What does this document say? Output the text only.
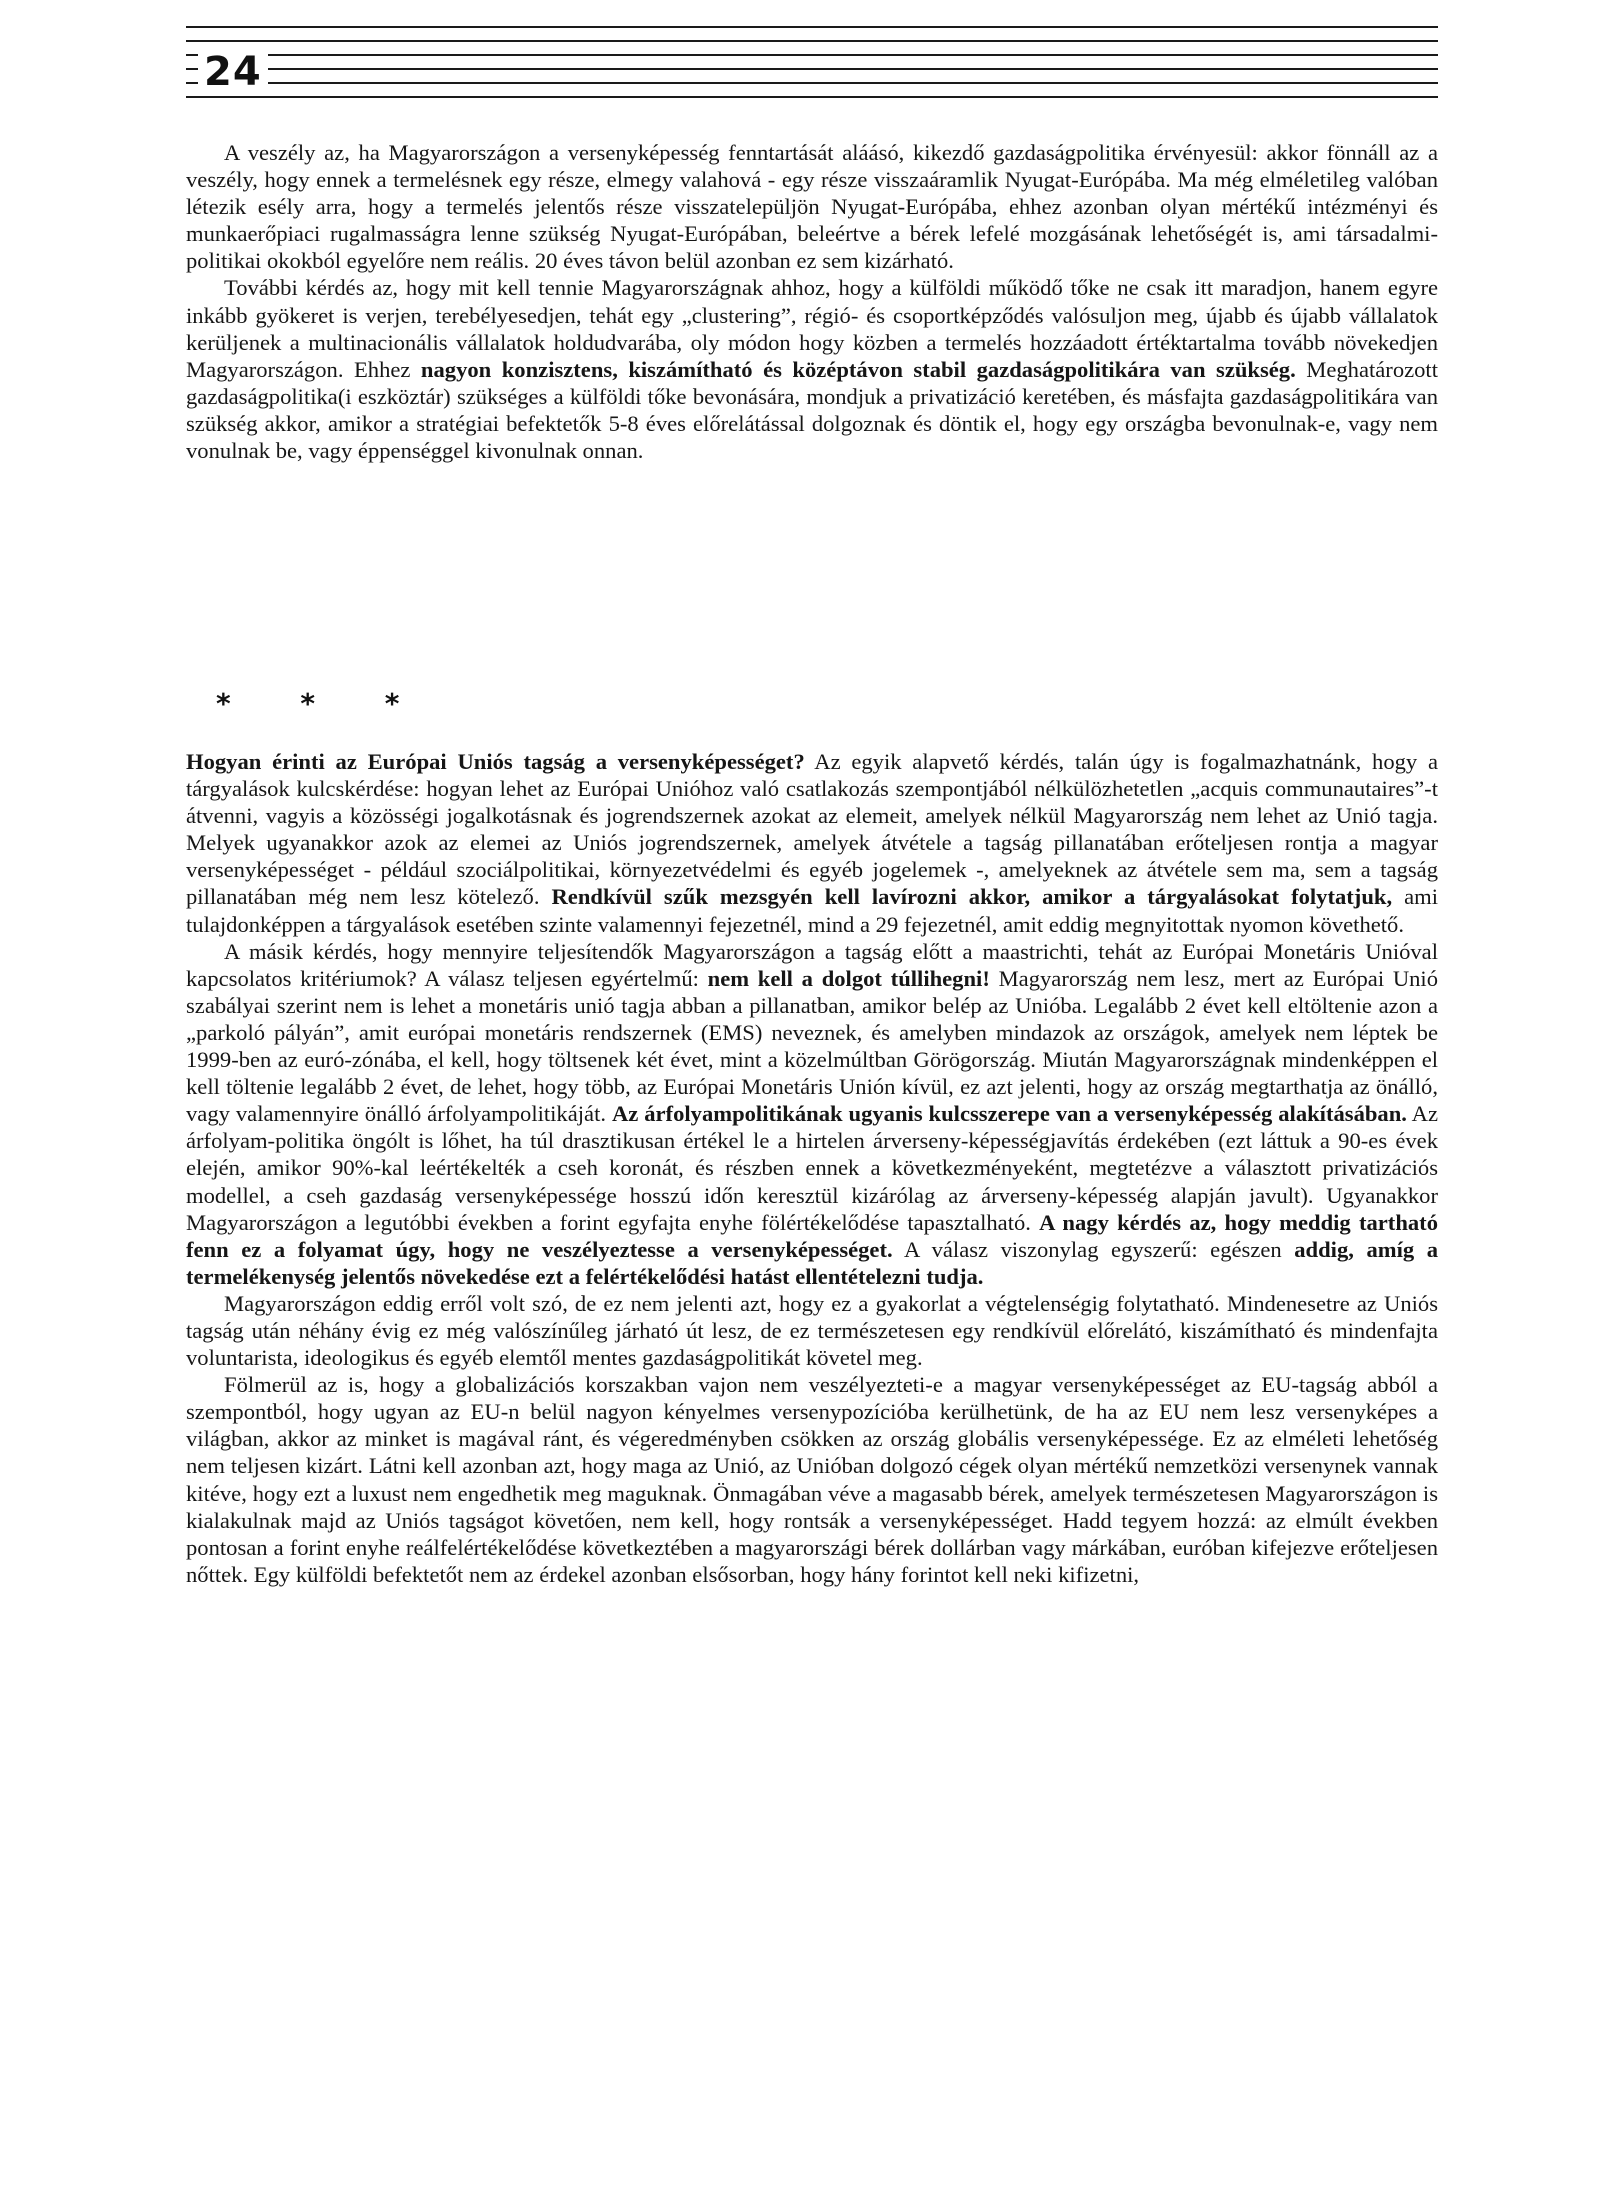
24

A veszély az, ha Magyarországon a versenyképesség fenntartását aláásó, kikezdő gazdaságpolitika érvényesül: akkor fönnáll az a veszély, hogy ennek a termelésnek egy része, elmegy valahová - egy része visszaáramlik Nyugat-Európába. Ma még elméletileg valóban létezik esély arra, hogy a termelés jelentős része visszatelepüljön Nyugat-Európába, ehhez azonban olyan mértékű intézményi és munkaerőpiaci rugalmasságra lenne szükség Nyugat-Európában, beleértve a bérek lefelé mozgásának lehetőségét is, ami társadalmi-politikai okokból egyelőre nem reális. 20 éves távon belül azonban ez sem kizárható.

További kérdés az, hogy mit kell tennie Magyarországnak ahhoz, hogy a külföldi működő tőke ne csak itt maradjon, hanem egyre inkább gyökeret is verjen, terebélyesedjen, tehát egy „clustering”, régió- és csoportképződés valósuljon meg, újabb és újabb vállalatok kerüljenek a multinacionális vállalatok holdudvarába, oly módon hogy közben a termelés hozzáadott értéktartalma tovább növekedjen Magyarországon. Ehhez nagyon konzisztens, kiszámítható és középtávon stabil gazdaságpolitikára van szükség. Meghatározott gazdaságpolitika(i eszköztár) szükséges a külföldi tőke bevonására, mondjuk a privatizáció keretében, és másfajta gazdaságpolitikára van szükség akkor, amikor a stratégiai befektetők 5-8 éves előrelátással dolgoznak és döntik el, hogy egy országba bevonulnak-e, vagy nem vonulnak be, vagy éppenséggel kivonulnak onnan.

* * *

Hogyan érinti az Európai Uniós tagság a versenyképességet? Az egyik alapvető kérdés, talán úgy is fogalmazhatnánk, hogy a tárgyalások kulcskérdése: hogyan lehet az Európai Unióhoz való csatlakozás szempontjából nélkülözhetetlen „acquis communautaires”-t átvenni, vagyis a közösségi jogalkotásnak és jogrendszernek azokat az elemeit, amelyek nélkül Magyarország nem lehet az Unió tagja. Melyek ugyanakkor azok az elemei az Uniós jogrendszernek, amelyek átvétele a tagság pillanatában erőteljesen rontja a magyar versenyképességet - például szociálpolitikai, környezetvédelmi és egyéb jogelemek -, amelyeknek az átvétele sem ma, sem a tagság pillanatában még nem lesz kötelező. Rendkívül szűk mezsgyén kell lavírozni akkor, amikor a tárgyalásokat folytatjuk, ami tulajdonképpen a tárgyalások esetében szinte valamennyi fejezetnél, mind a 29 fejezetnél, amit eddig megnyitottak nyomon követhető.

A másik kérdés, hogy mennyire teljesítendők Magyarországon a tagság előtt a maastrichti, tehát az Európai Monetáris Unióval kapcsolatos kritériumok? A válasz teljesen egyértelmű: nem kell a dolgot túllihegni! Magyarország nem lesz, mert az Európai Unió szabályai szerint nem is lehet a monetáris unió tagja abban a pillanatban, amikor belép az Unióba. Legalább 2 évet kell eltöltenie azon a „parkoló pályán”, amit európai monetáris rendszernek (EMS) neveznek, és amelyben mindazok az országok, amelyek nem léptek be 1999-ben az euró-zónába, el kell, hogy töltsenek két évet, mint a közelmúltban Görögország. Miután Magyarországnak mindenképpen el kell töltenie legalább 2 évet, de lehet, hogy több, az Európai Monetáris Unión kívül, ez azt jelenti, hogy az ország megtarthatja az önálló, vagy valamennyire önálló árfolyampolitikáját. Az árfolyampolitikának ugyanis kulcsszerepe van a versenyképesség alakításában. Az árfolyam-politika öngólt is lőhet, ha túl drasztikusan értékel le a hirtelen árverseny-képességjavítás érdekében (ezt láttuk a 90-es évek elején, amikor 90%-kal leértékelték a cseh koronát, és részben ennek a következményeként, megtetézve a választott privatizációs modellel, a cseh gazdaság versenyképessége hosszú időn keresztül kizárólag az árverseny-képesség alapján javult). Ugyanakkor Magyarországon a legutóbbi években a forint egyfajta enyhe fölértékelődése tapasztalható. A nagy kérdés az, hogy meddig tartható fenn ez a folyamat úgy, hogy ne veszélyeztesse a versenyképességet. A válasz viszonylag egyszerű: egészen addig, amíg a termelékenység jelentős növekedése ezt a felértékelődési hatást ellentételezni tudja.

Magyarországon eddig erről volt szó, de ez nem jelenti azt, hogy ez a gyakorlat a végtelenségig folytatható. Mindenesetre az Uniós tagság után néhány évig ez még valószínűleg járható út lesz, de ez természetesen egy rendkívül előrelátó, kiszámítható és mindenfajta voluntarista, ideologikus és egyéb elemtől mentes gazdaságpolitikát követel meg.

Fölmerül az is, hogy a globalizációs korszakban vajon nem veszélyezteti-e a magyar versenyképességet az EU-tagság abból a szempontból, hogy ugyan az EU-n belül nagyon kényelmes versenypozícióba kerülhetünk, de ha az EU nem lesz versenyképes a világban, akkor az minket is magával ránt, és végeredményben csökken az ország globális versenyképessége. Ez az elméleti lehetőség nem teljesen kizárt. Látni kell azonban azt, hogy maga az Unió, az Unióban dolgozó cégek olyan mértékű nemzetközi versenynek vannak kitéve, hogy ezt a luxust nem engedhetik meg maguknak. Önmagában véve a magasabb bérek, amelyek természetesen Magyarországon is kialakulnak majd az Uniós tagságot követően, nem kell, hogy rontsák a versenyképességet. Hadd tegyem hozzá: az elmúlt években pontosan a forint enyhe reálfelértékelődése következtében a magyarországi bérek dollárban vagy márkában, euróban kifejezve erőteljesen nőttek. Egy külföldi befektetőt nem az érdekel azonban elsősorban, hogy hány forintot kell neki kifizetni,
